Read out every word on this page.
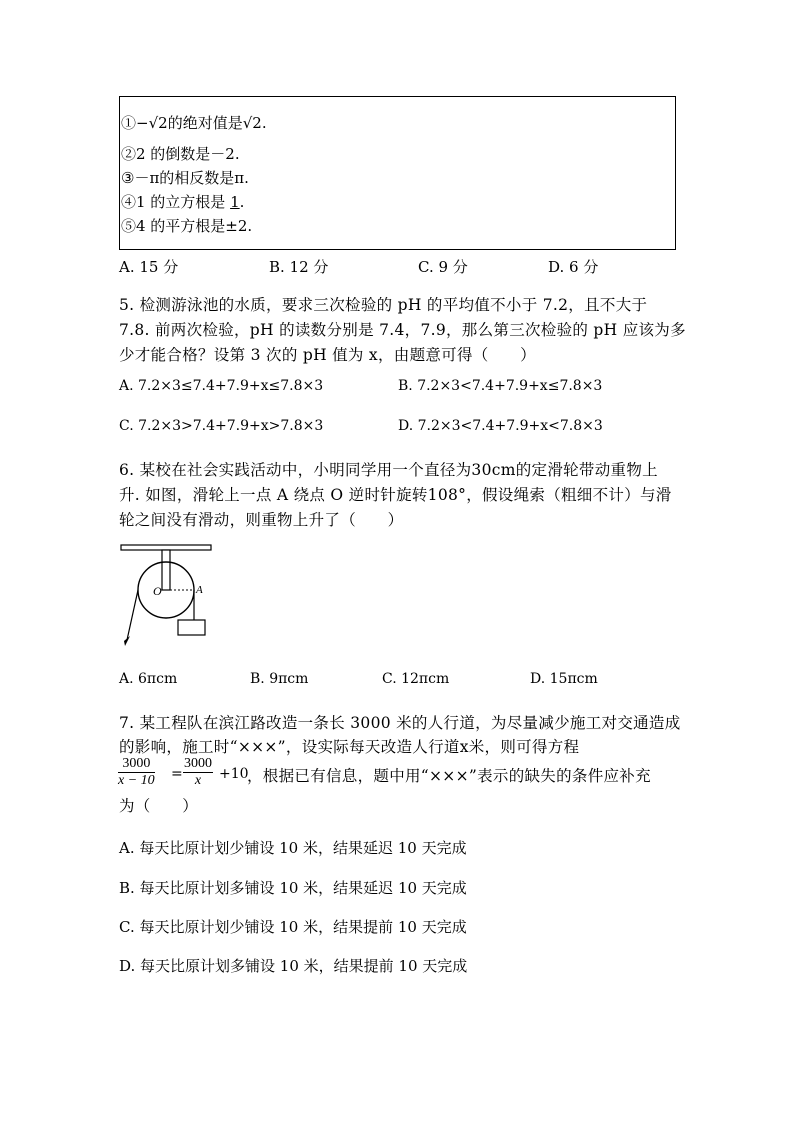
①−√2的绝对值是√2.
②2 的倒数是－2.
③－π的相反数是π.
④1 的立方根是 1.
⑤4 的平方根是±2.
A. 15 分	B. 12 分	C. 9 分	D. 6 分
5. 检测游泳池的水质，要求三次检验的 pH 的平均值不小于 7.2，且不大于
7.8. 前两次检验，pH 的读数分别是 7.4，7.9，那么第三次检验的 pH 应该为多
少才能合格？设第 3 次的 pH 值为 x，由题意可得（　　）
A. 7.2×3≤7.4+7.9+x≤7.8×3	B. 7.2×3<7.4+7.9+x≤7.8×3
C. 7.2×3>7.4+7.9+x>7.8×3	D. 7.2×3<7.4+7.9+x<7.8×3
6. 某校在社会实践活动中，小明同学用一个直径为30cm的定滑轮带动重物上
升. 如图，滑轮上一点 A 绕点 O 逆时针旋转108°，假设绳索（粗细不计）与滑
轮之间没有滑动，则重物上升了（　　）
O	A
A. 6πcm	B. 9πcm	C. 12πcm	D. 15πcm
7. 某工程队在滨江路改造一条长 3000 米的人行道，为尽量减少施工对交通造成
的影响，施工时“×××”，设实际每天改造人行道x米，则可得方程
$\frac{3000}{x - 10} = \frac{3000}{x} +10$
，根据已有信息，题中用“×××”表示的缺失的条件应补充
为（　　）
A. 每天比原计划少铺设 10 米，结果延迟 10 天完成
B. 每天比原计划多铺设 10 米，结果延迟 10 天完成
C. 每天比原计划少铺设 10 米，结果提前 10 天完成
D. 每天比原计划多铺设 10 米，结果提前 10 天完成
